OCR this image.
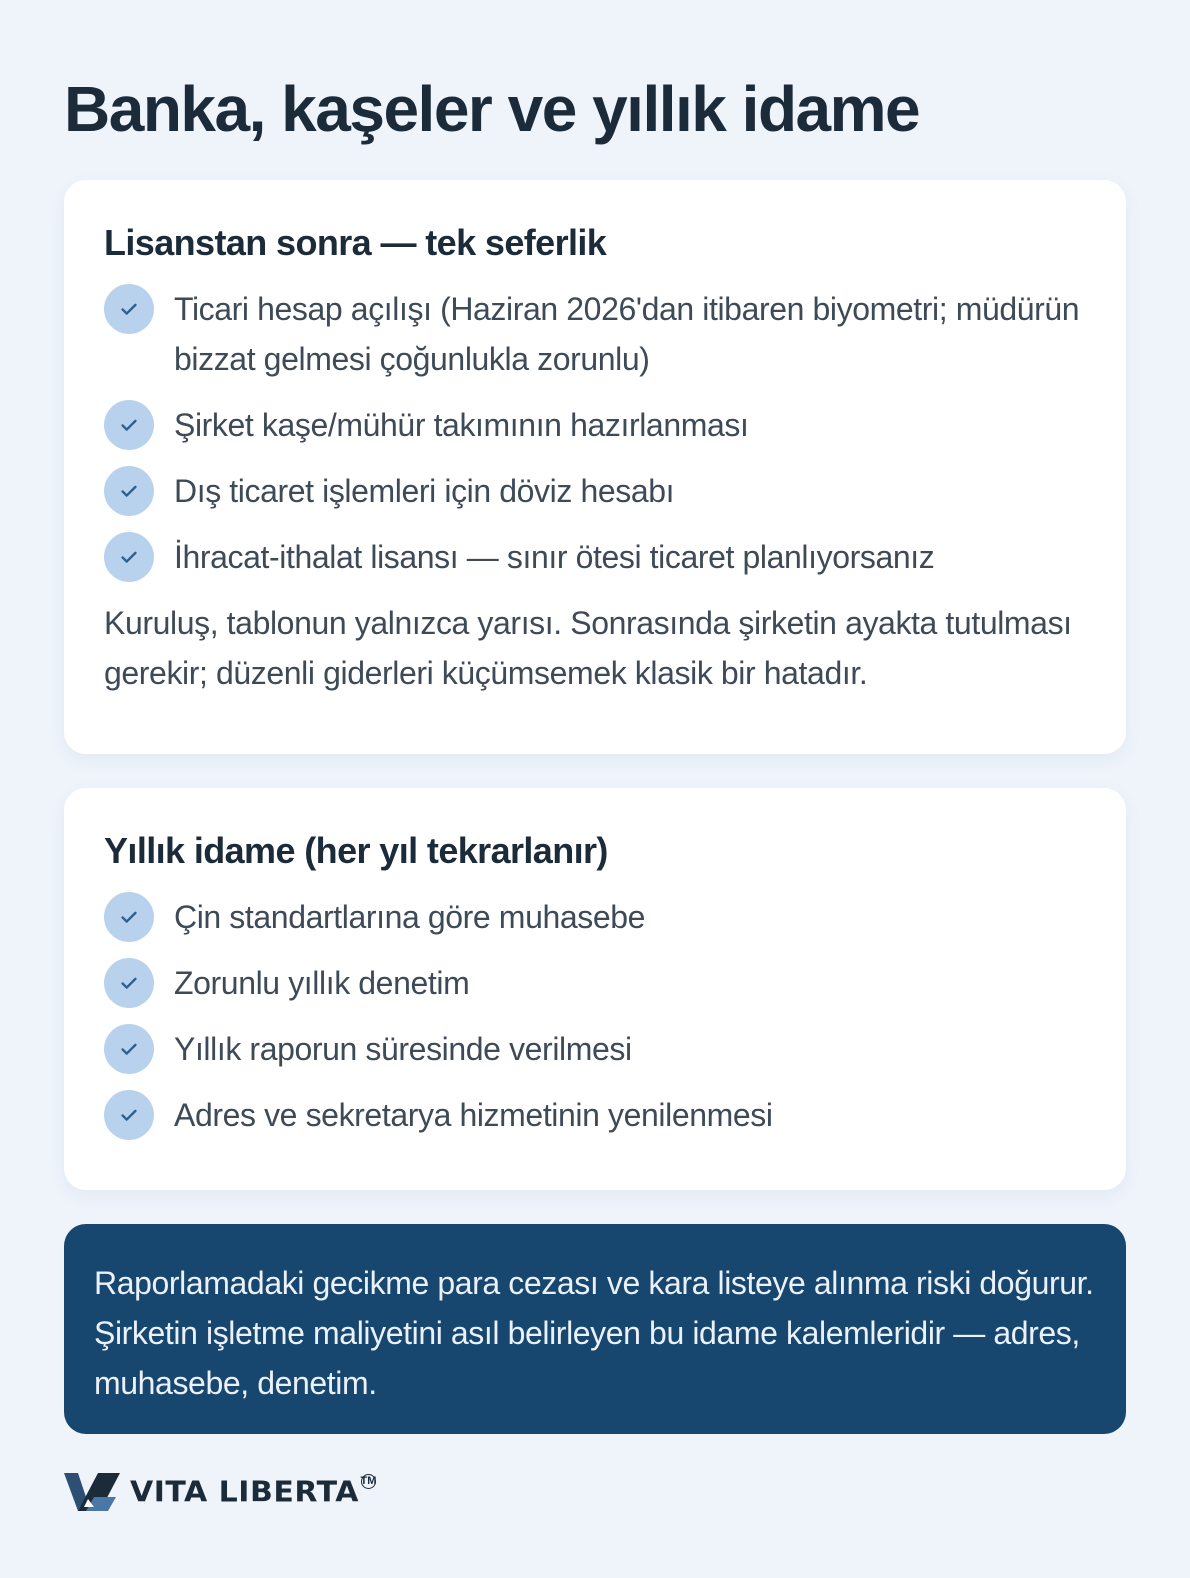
Banka, kaşeler ve yıllık idame
Lisanstan sonra — tek seferlik
Ticari hesap açılışı (Haziran 2026'dan itibaren biyometri; müdürün bizzat gelmesi çoğunlukla zorunlu)
Şirket kaşe/mühür takımının hazırlanması
Dış ticaret işlemleri için döviz hesabı
İhracat-ithalat lisansı — sınır ötesi ticaret planlıyorsanız

Kuruluş, tablonun yalnızca yarısı. Sonrasında şirketin ayakta tutulması gerekir; düzenli giderleri küçümsemek klasik bir hatadır.

Yıllık idame (her yıl tekrarlanır)
Çin standartlarına göre muhasebe
Zorunlu yıllık denetim
Yıllık raporun süresinde verilmesi
Adres ve sekretarya hizmetinin yenilenmesi
Raporlamadaki gecikme para cezası ve kara listeye alınma riski doğurur. Şirketin işletme maliyetini asıl belirleyen bu idame kalemleridir — adres, muhasebe, denetim.
VITA LIBERTA TM
